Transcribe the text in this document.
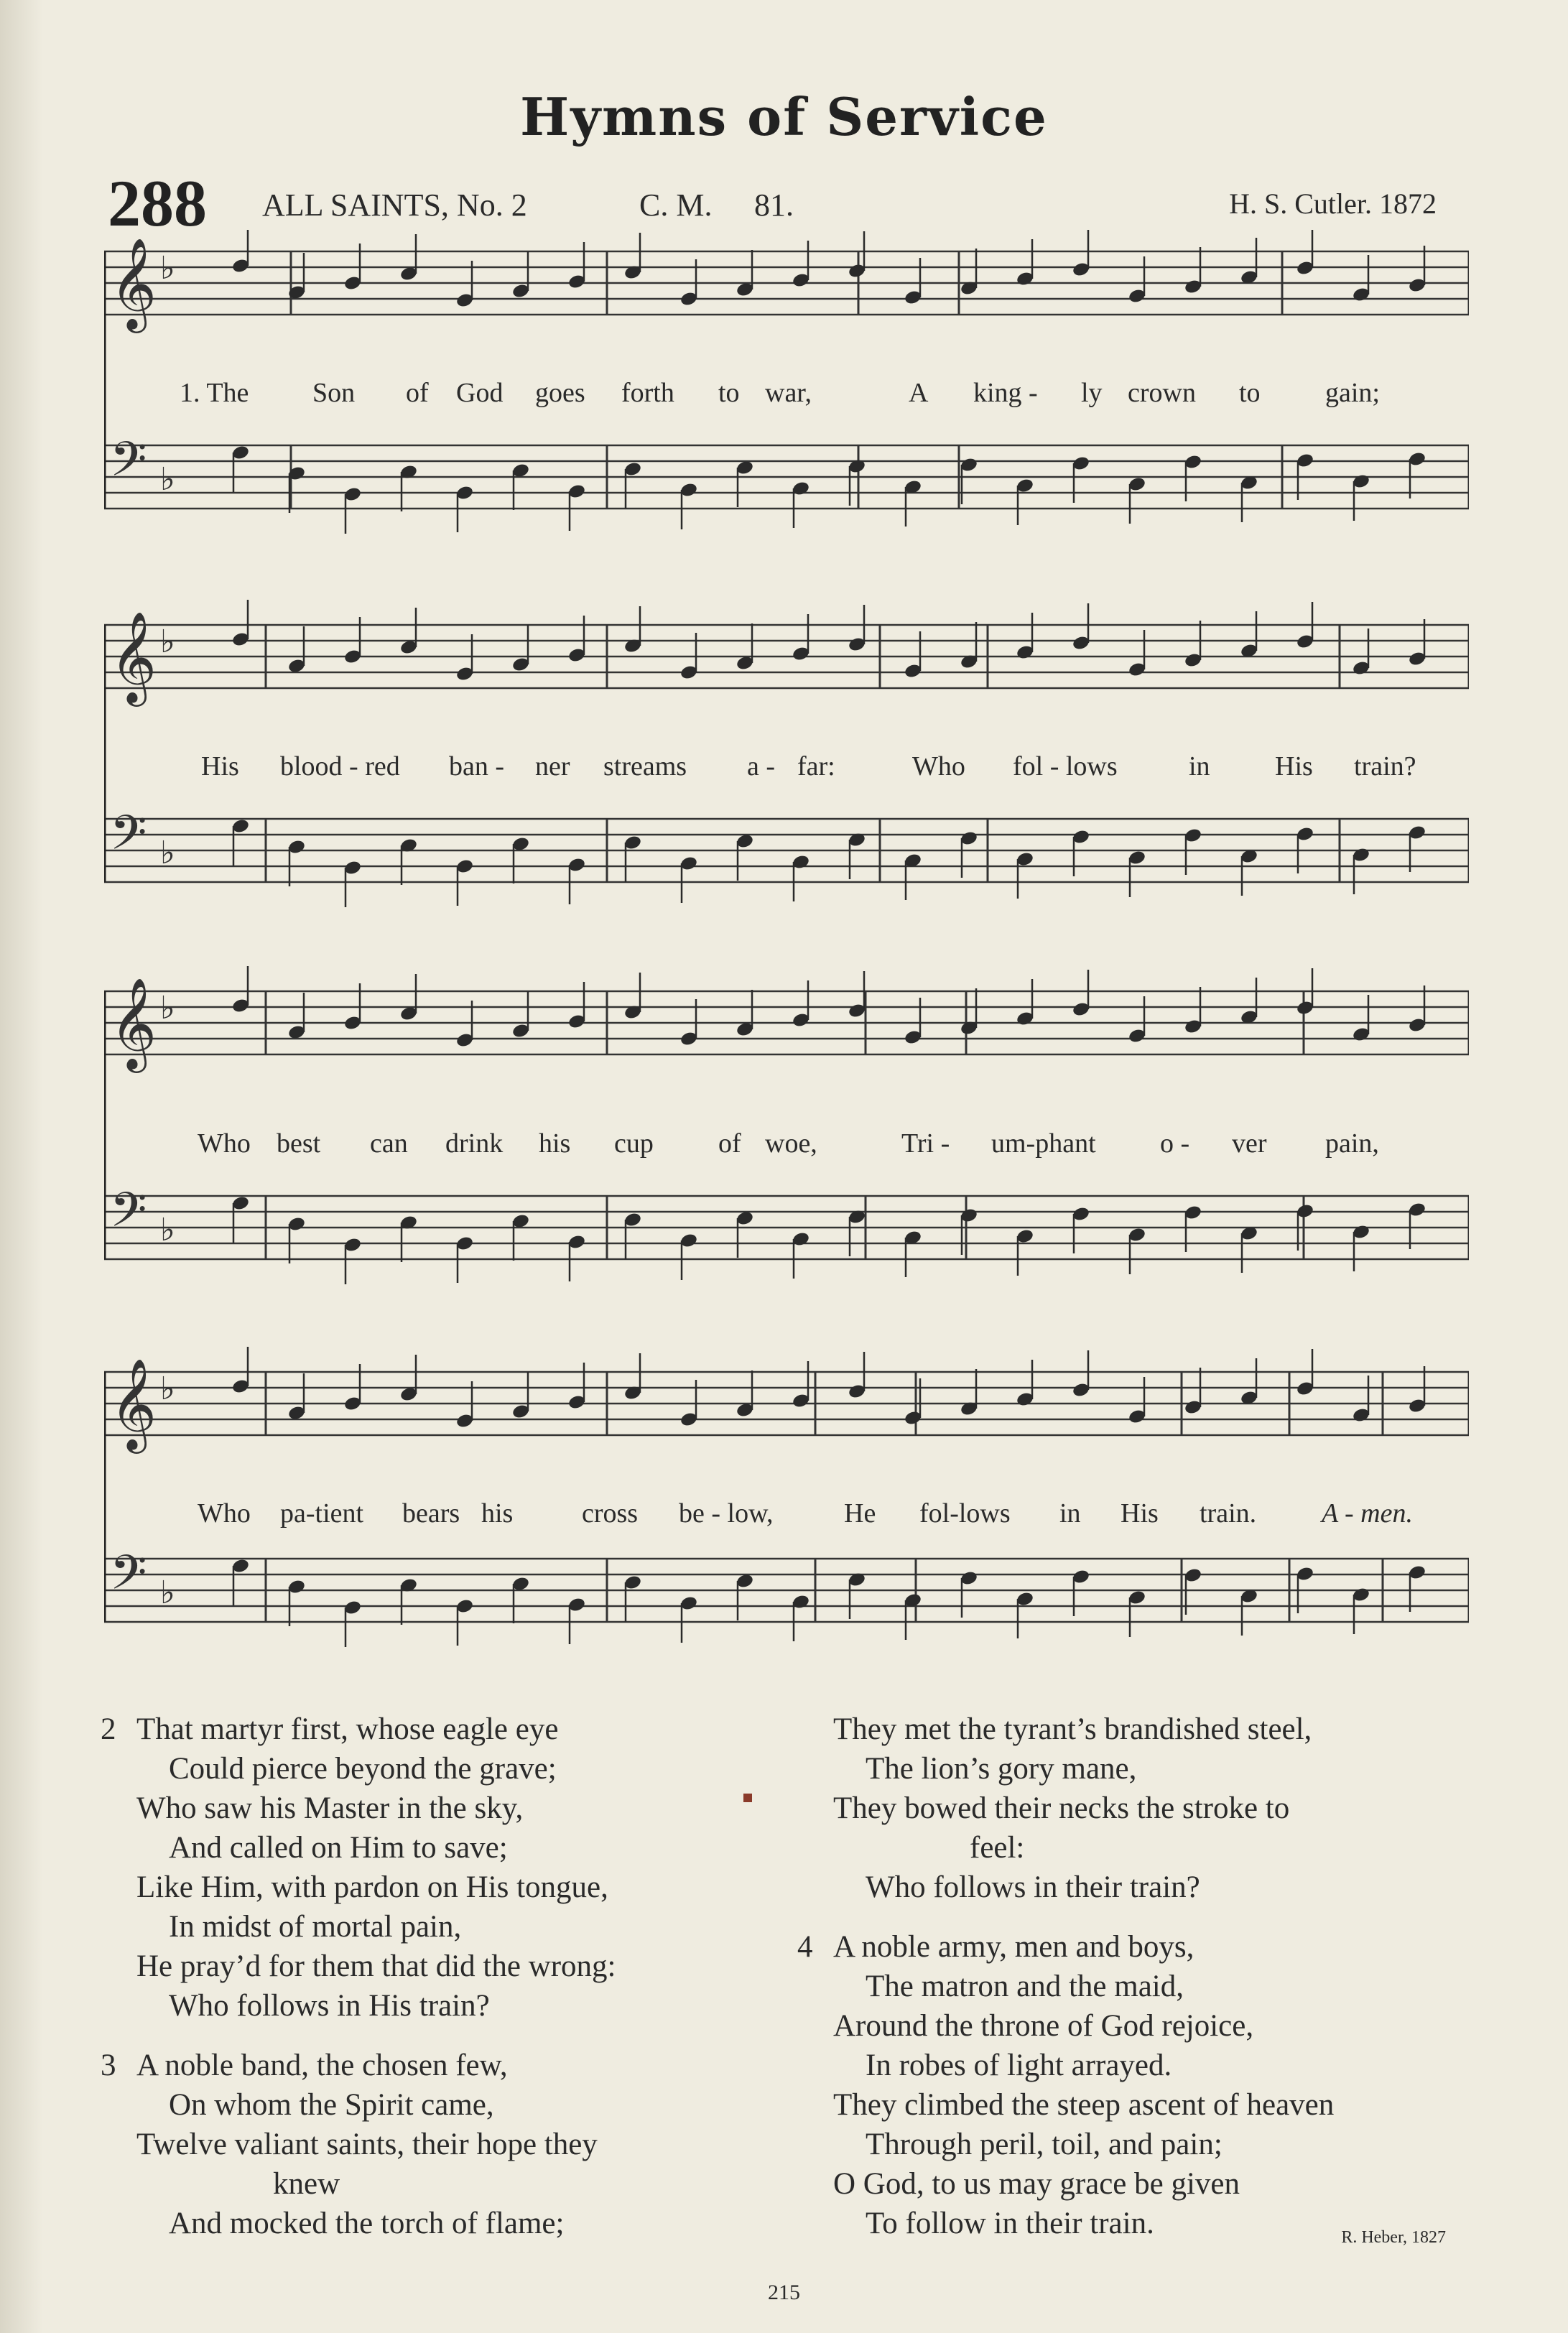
Hymns of Service
288 ALL SAINTS, No. 2	C. M. 81.	H. S. Cutler. 1872
𝄞 ♭
𝄢 ♭
1. The Son of God goes forth to war,	A king - ly crown to gain;
𝄞 ♭
𝄢 ♭
His blood - red ban - ner streams a - far:	Who fol - lows	in His train?
𝄞 ♭
𝄢 ♭
Who best can drink his cup of woe,	Tri - um-phant o - ver pain,
𝄞 ♭
𝄢 ♭
Who pa-tient bears his	cross be - low,	He fol-lows in His train. A - men.
2 That martyr first, whose eagle eye
Could pierce beyond the grave;
Who saw his Master in the sky,
And called on Him to save;
Like Him, with pardon on His tongue,
In midst of mortal pain,
He pray’d for them that did the wrong:
Who follows in His train?
3 A noble band, the chosen few,
On whom the Spirit came,
Twelve valiant saints, their hope they
knew
And mocked the torch of flame;
They met the tyrant’s brandished steel,
The lion’s gory mane,
They bowed their necks the stroke to
feel:
Who follows in their train?
4 A noble army, men and boys,
The matron and the maid,
Around the throne of God rejoice,
In robes of light arrayed.
They climbed the steep ascent of heaven
Through peril, toil, and pain;
O God, to us may grace be given
To follow in their train.	R. Heber, 1827
215
